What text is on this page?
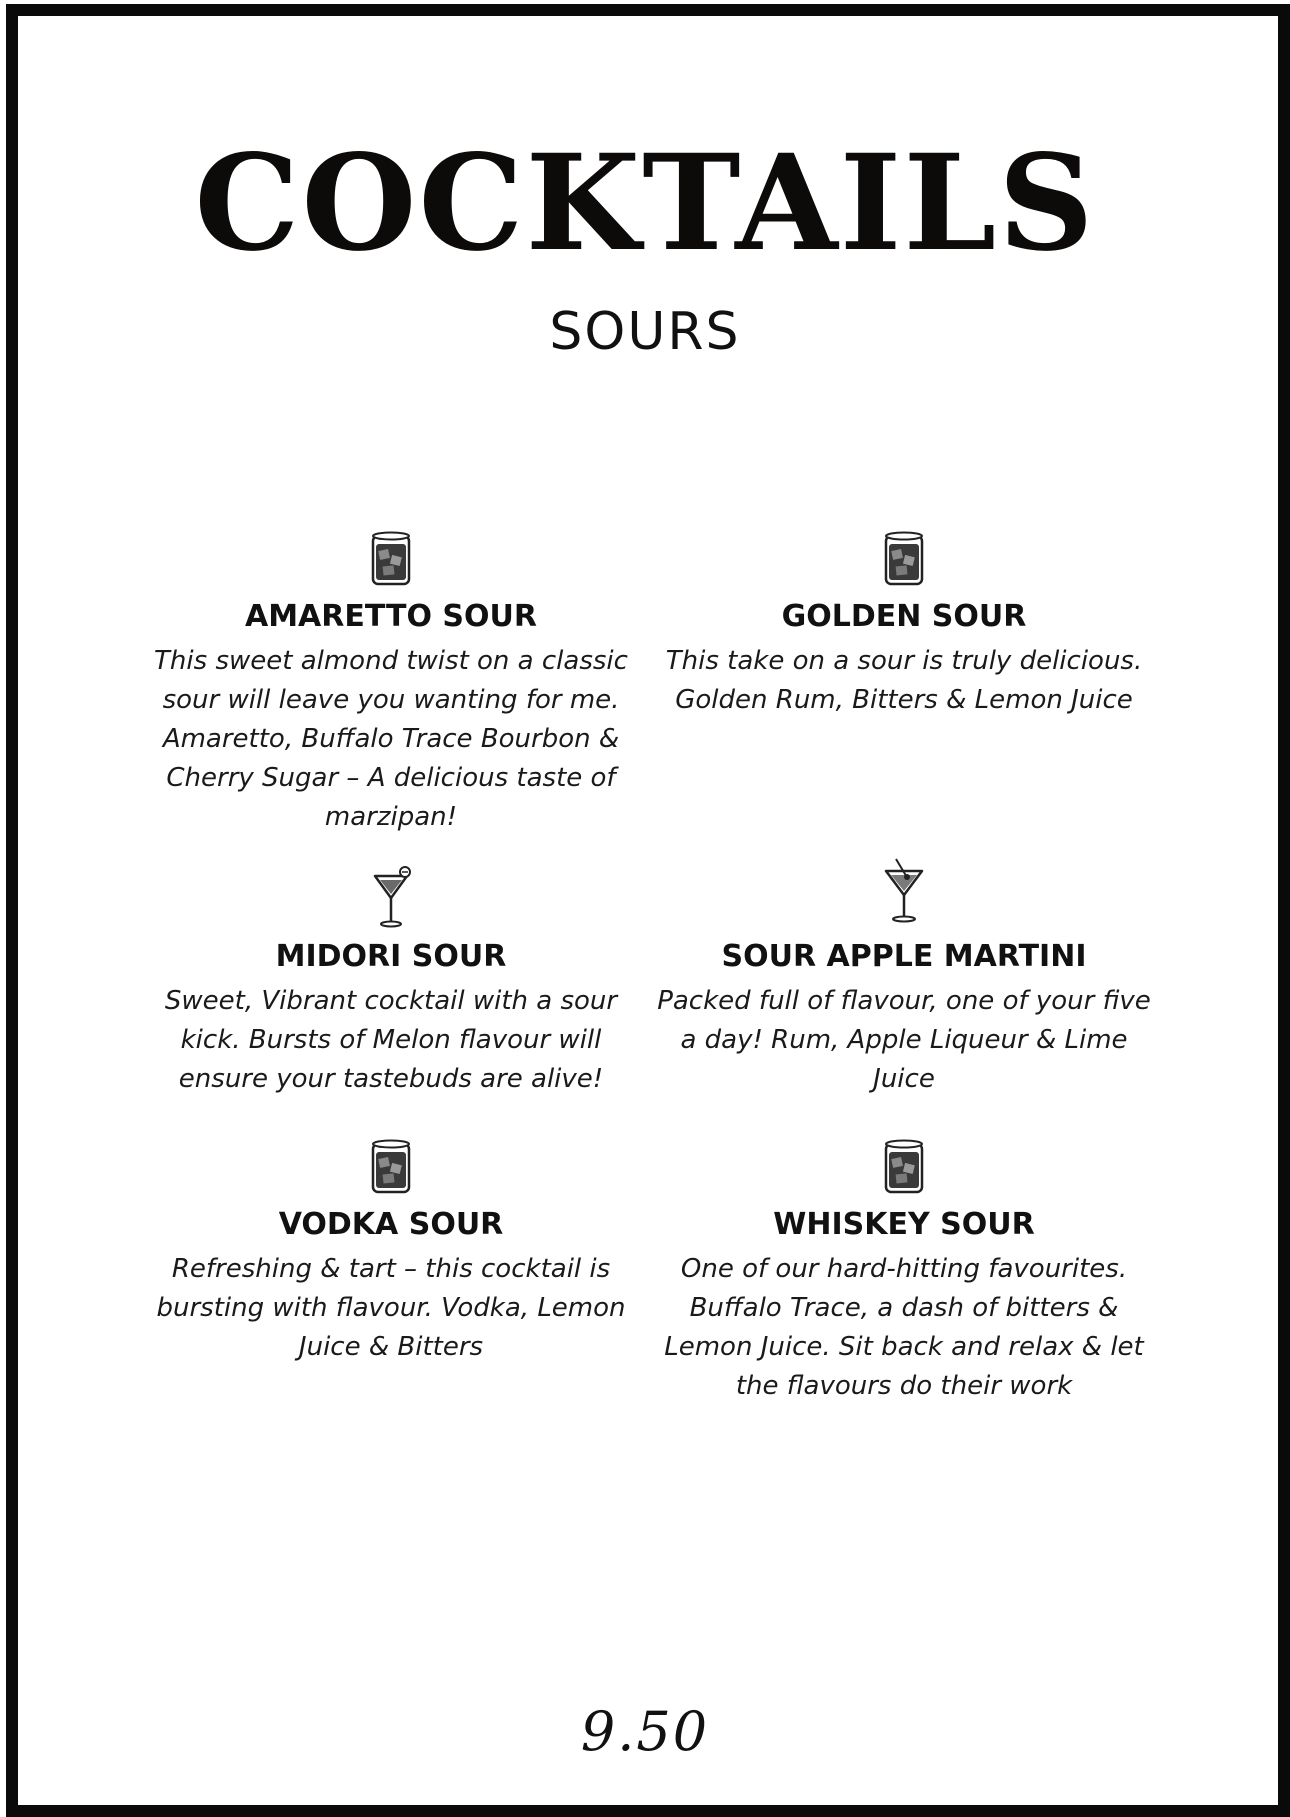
COCKTAILS
SOURS
AMARETTO SOUR

This sweet almond twist on a classic sour will leave you wanting for me. Amaretto, Buffalo Trace Bourbon & Cherry Sugar – A delicious taste of marzipan!

GOLDEN SOUR

This take on a sour is truly delicious. Golden Rum, Bitters & Lemon Juice

MIDORI SOUR

Sweet, Vibrant cocktail with a sour kick. Bursts of Melon flavour will ensure your tastebuds are alive!

SOUR APPLE MARTINI

Packed full of flavour, one of your five a day! Rum, Apple Liqueur & Lime Juice

VODKA SOUR

Refreshing & tart – this cocktail is bursting with flavour. Vodka, Lemon Juice & Bitters

WHISKEY SOUR

One of our hard-hitting favourites. Buffalo Trace, a dash of bitters & Lemon Juice. Sit back and relax & let the flavours do their work

9.50
